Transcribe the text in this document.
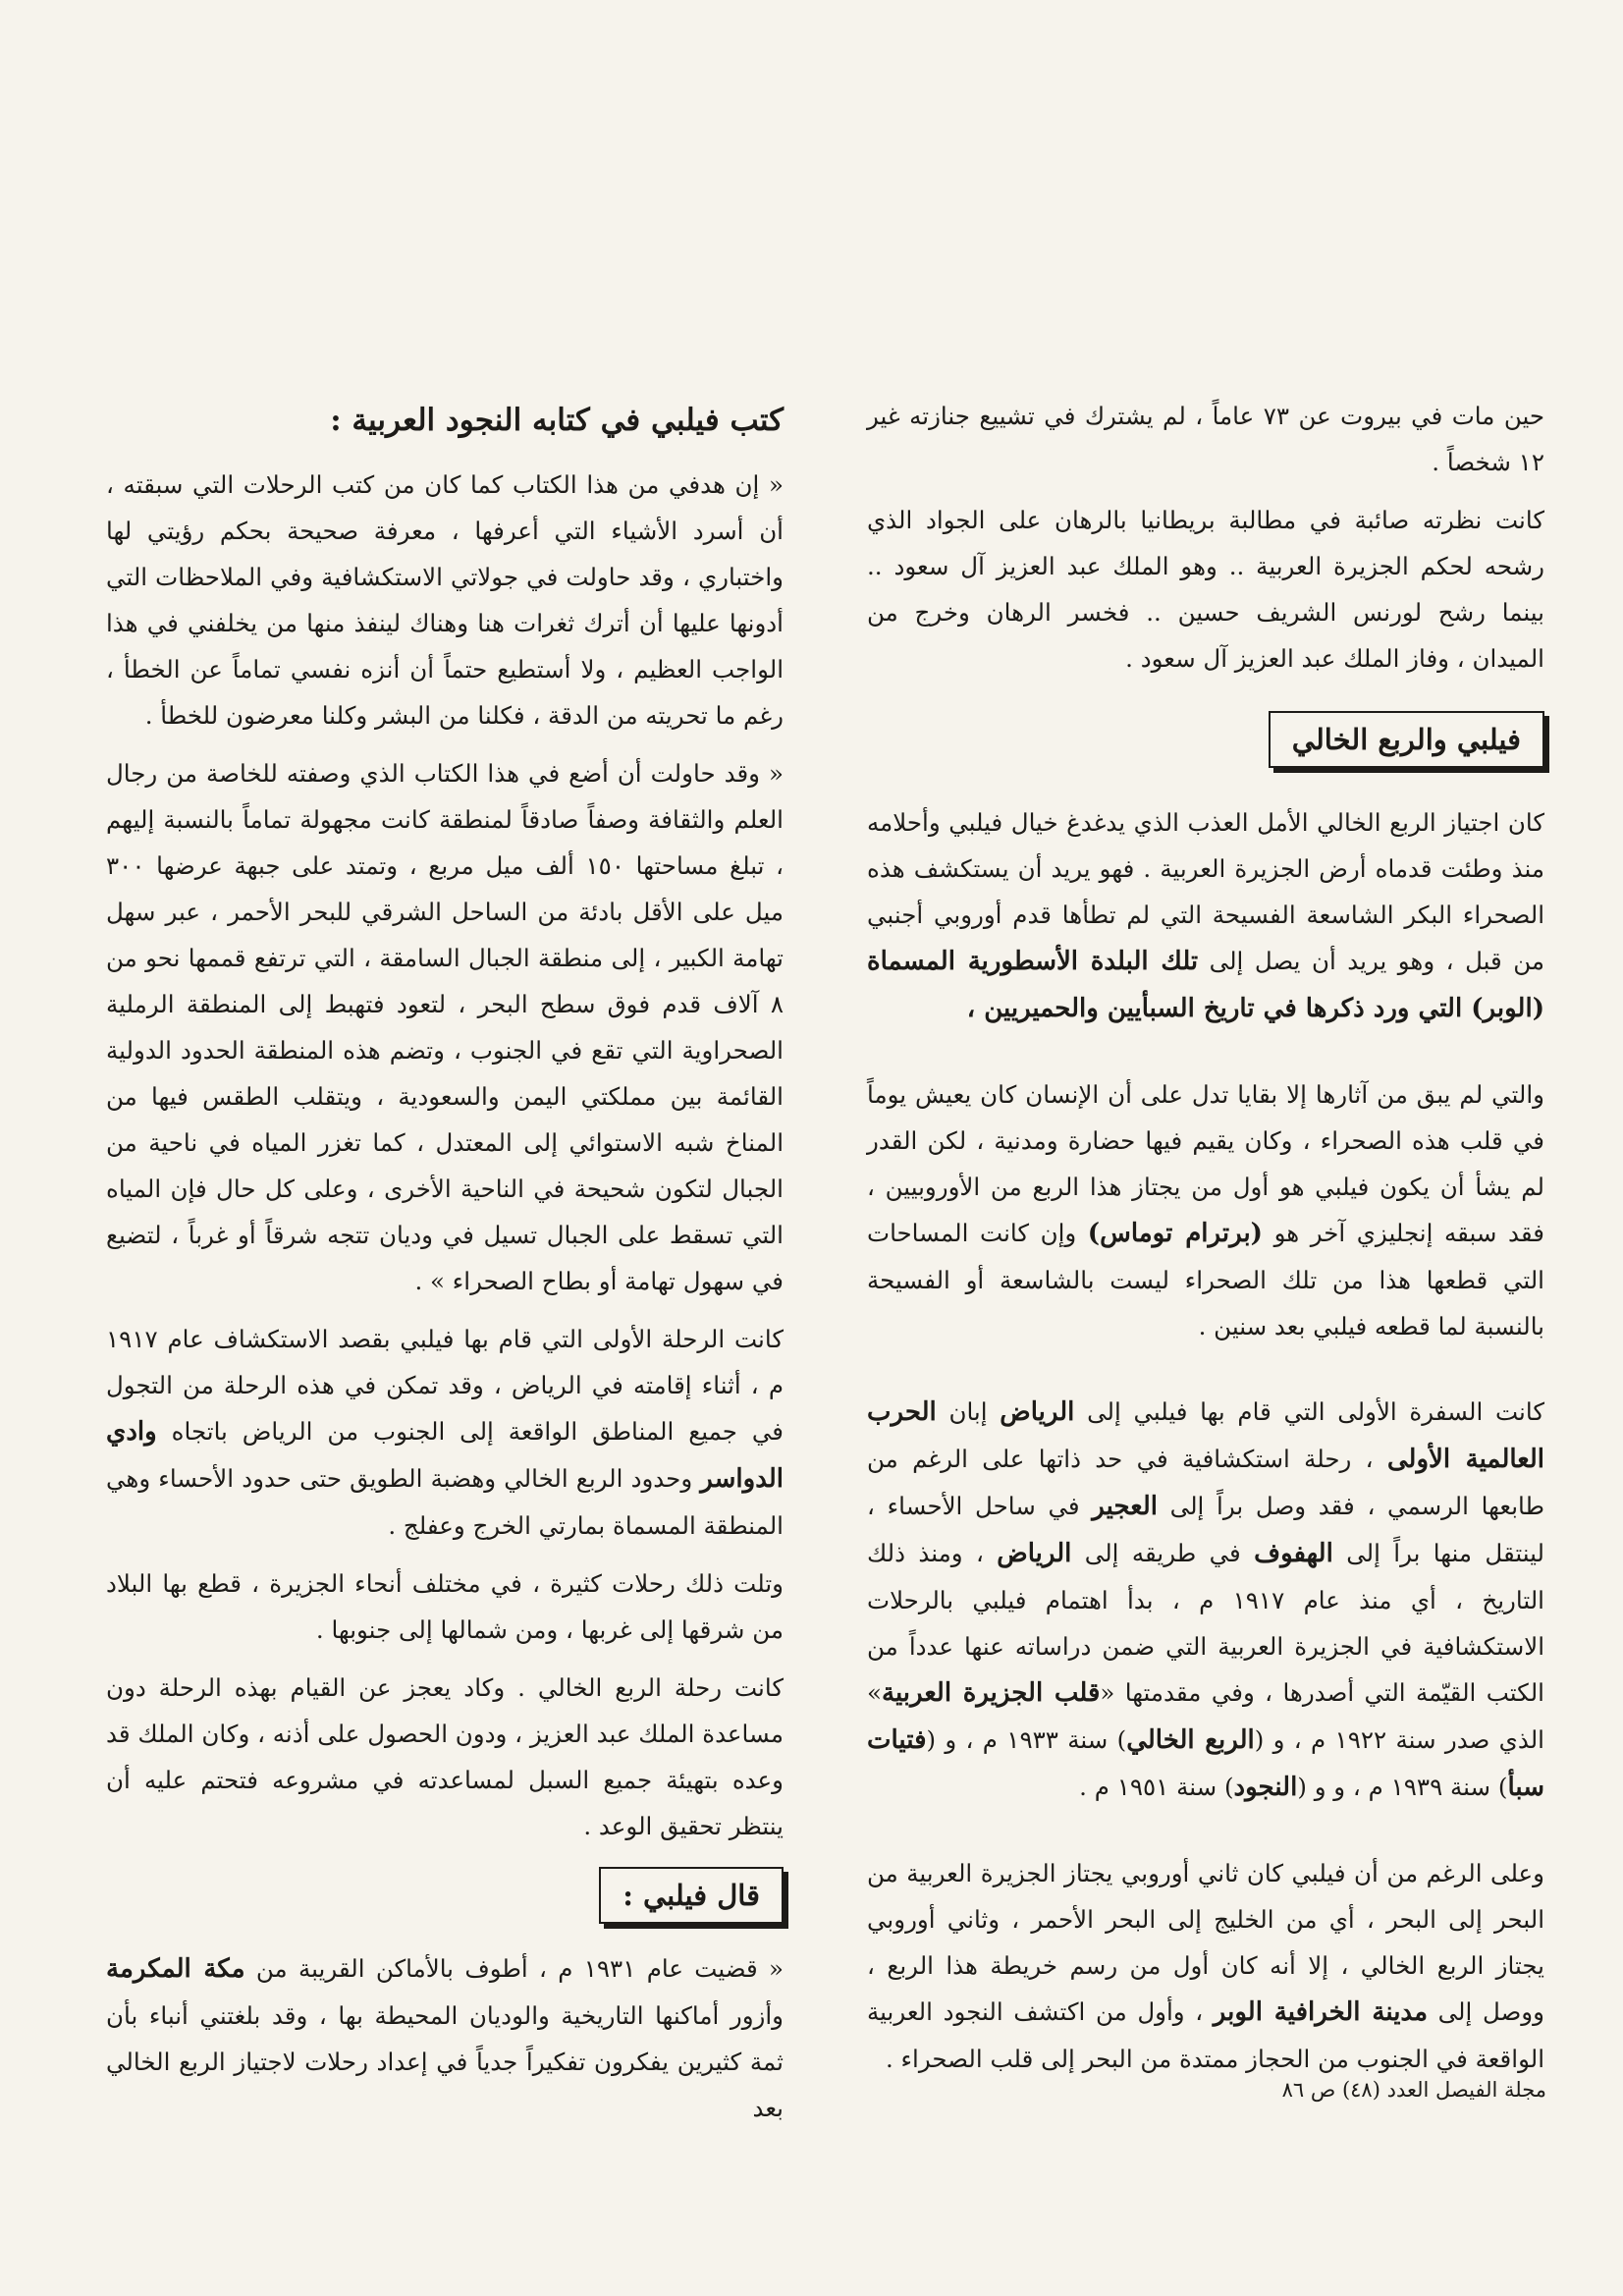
حين مات في بيروت عن ٧٣ عاماً ، لم يشترك في تشييع جنازته غير ١٢ شخصاً .

كانت نظرته صائبة في مطالبة بريطانيا بالرهان على الجواد الذي رشحه لحكم الجزيرة العربية .. وهو الملك عبد العزيز آل سعود .. بينما رشح لورنس الشريف حسين .. فخسر الرهان وخرج من الميدان ، وفاز الملك عبد العزيز آل سعود .

فيلبي والربع الخالي

كان اجتياز الربع الخالي الأمل العذب الذي يدغدغ خيال فيلبي وأحلامه منذ وطئت قدماه أرض الجزيرة العربية . فهو يريد أن يستكشف هذه الصحراء البكر الشاسعة الفسيحة التي لم تطأها قدم أوروبي أجنبي من قبل ، وهو يريد أن يصل إلى تلك البلدة الأسطورية المسماة (الوبر) التي ورد ذكرها في تاريخ السبأيين والحميريين ،

والتي لم يبق من آثارها إلا بقايا تدل على أن الإنسان كان يعيش يوماً في قلب هذه الصحراء ، وكان يقيم فيها حضارة ومدنية ، لكن القدر لم يشأ أن يكون فيلبي هو أول من يجتاز هذا الربع من الأوروبيين ، فقد سبقه إنجليزي آخر هو (برترام توماس) وإن كانت المساحات التي قطعها هذا من تلك الصحراء ليست بالشاسعة أو الفسيحة بالنسبة لما قطعه فيلبي بعد سنين .

كانت السفرة الأولى التي قام بها فيلبي إلى الرياض إبان الحرب العالمية الأولى ، رحلة استكشافية في حد ذاتها على الرغم من طابعها الرسمي ، فقد وصل براً إلى العجير في ساحل الأحساء ، لينتقل منها براً إلى الهفوف في طريقه إلى الرياض ، ومنذ ذلك التاريخ ، أي منذ عام ١٩١٧ م ، بدأ اهتمام فيلبي بالرحلات الاستكشافية في الجزيرة العربية التي ضمن دراساته عنها عدداً من الكتب القيّمة التي أصدرها ، وفي مقدمتها «قلب الجزيرة العربية» الذي صدر سنة ١٩٢٢ م ، و (الربع الخالي) سنة ١٩٣٣ م ، و (فتيات سبأ) سنة ١٩٣٩ م ، و و (النجود) سنة ١٩٥١ م .

وعلى الرغم من أن فيلبي كان ثاني أوروبي يجتاز الجزيرة العربية من البحر إلى البحر ، أي من الخليج إلى البحر الأحمر ، وثاني أوروبي يجتاز الربع الخالي ، إلا أنه كان أول من رسم خريطة هذا الربع ، ووصل إلى مدينة الخرافية الوبر ، وأول من اكتشف النجود العربية الواقعة في الجنوب من الحجاز ممتدة من البحر إلى قلب الصحراء .

كتب فيلبي في كتابه النجود العربية :

« إن هدفي من هذا الكتاب كما كان من كتب الرحلات التي سبقته ، أن أسرد الأشياء التي أعرفها ، معرفة صحيحة بحكم رؤيتي لها واختباري ، وقد حاولت في جولاتي الاستكشافية وفي الملاحظات التي أدونها عليها أن أترك ثغرات هنا وهناك لينفذ منها من يخلفني في هذا الواجب العظيم ، ولا أستطيع حتماً أن أنزه نفسي تماماً عن الخطأ ، رغم ما تحريته من الدقة ، فكلنا من البشر وكلنا معرضون للخطأ .

« وقد حاولت أن أضع في هذا الكتاب الذي وصفته للخاصة من رجال العلم والثقافة وصفاً صادقاً لمنطقة كانت مجهولة تماماً بالنسبة إليهم ، تبلغ مساحتها ١٥٠ ألف ميل مربع ، وتمتد على جبهة عرضها ٣٠٠ ميل على الأقل بادئة من الساحل الشرقي للبحر الأحمر ، عبر سهل تهامة الكبير ، إلى منطقة الجبال السامقة ، التي ترتفع قممها نحو من ٨ آلاف قدم فوق سطح البحر ، لتعود فتهبط إلى المنطقة الرملية الصحراوية التي تقع في الجنوب ، وتضم هذه المنطقة الحدود الدولية القائمة بين مملكتي اليمن والسعودية ، ويتقلب الطقس فيها من المناخ شبه الاستوائي إلى المعتدل ، كما تغزر المياه في ناحية من الجبال لتكون شحيحة في الناحية الأخرى ، وعلى كل حال فإن المياه التي تسقط على الجبال تسيل في وديان تتجه شرقاً أو غرباً ، لتضيع في سهول تهامة أو بطاح الصحراء » .

كانت الرحلة الأولى التي قام بها فيلبي بقصد الاستكشاف عام ١٩١٧ م ، أثناء إقامته في الرياض ، وقد تمكن في هذه الرحلة من التجول في جميع المناطق الواقعة إلى الجنوب من الرياض باتجاه وادي الدواسر وحدود الربع الخالي وهضبة الطويق حتى حدود الأحساء وهي المنطقة المسماة بمارتي الخرج وعفلج .

وتلت ذلك رحلات كثيرة ، في مختلف أنحاء الجزيرة ، قطع بها البلاد من شرقها إلى غربها ، ومن شمالها إلى جنوبها .

كانت رحلة الربع الخالي . وكاد يعجز عن القيام بهذه الرحلة دون مساعدة الملك عبد العزيز ، ودون الحصول على أذنه ، وكان الملك قد وعده بتهيئة جميع السبل لمساعدته في مشروعه فتحتم عليه أن ينتظر تحقيق الوعد .

قال فيلبي :

« قضيت عام ١٩٣١ م ، أطوف بالأماكن القريبة من مكة المكرمة وأزور أماكنها التاريخية والوديان المحيطة بها ، وقد بلغتني أنباء بأن ثمة كثيرين يفكرون تفكيراً جدياً في إعداد رحلات لاجتياز الربع الخالي بعد

مجلة الفيصل العدد (٤٨) ص ٨٦
